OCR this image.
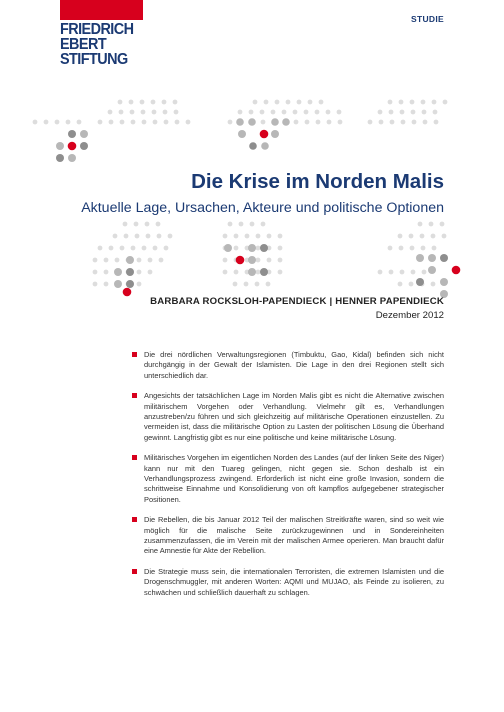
FRIEDRICH
EBERT
STIFTUNG
STUDIE
Die Krise im Norden Malis
Aktuelle Lage, Ursachen, Akteure und politische Optionen
BARBARA ROCKSLOH-PAPENDIECK | HENNER PAPENDIECK
Dezember 2012
Die drei nördlichen Verwaltungsregionen (Timbuktu, Gao, Kidal) befinden sich nicht durchgängig in der Gewalt der Islamisten. Die Lage in den drei Regionen stellt sich unterschiedlich dar.
Angesichts der tatsächlichen Lage im Norden Malis gibt es nicht die Alternative zwischen militärischem Vorgehen oder Verhandlung. Vielmehr gilt es, Verhandlungen anzustreben/zu führen und sich gleichzeitig auf militärische Operationen einzustellen. Zu vermeiden ist, dass die militärische Option zu Lasten der politischen Lösung die Überhand gewinnt. Langfristig gibt es nur eine politische und keine militärische Lösung.
Militärisches Vorgehen im eigentlichen Norden des Landes (auf der linken Seite des Niger) kann nur mit den Tuareg gelingen, nicht gegen sie. Schon deshalb ist ein Verhandlungsprozess zwingend. Erforderlich ist nicht eine große Invasion, sondern die schrittweise Einnahme und Konsolidierung von oft kampflos aufgegebener strategischer Positionen.
Die Rebellen, die bis Januar 2012 Teil der malischen Streitkräfte waren, sind so weit wie möglich für die malische Seite zurückzugewinnen und in Sondereinheiten zusammenzufassen, die im Verein mit der malischen Armee operieren. Man braucht dafür eine Amnestie für Akte der Rebellion.
Die Strategie muss sein, die internationalen Terroristen, die extremen Islamisten und die Drogenschmuggler, mit anderen Worten: AQMI und MUJAO, als Feinde zu isolieren, zu schwächen und schließlich dauerhaft zu schlagen.
